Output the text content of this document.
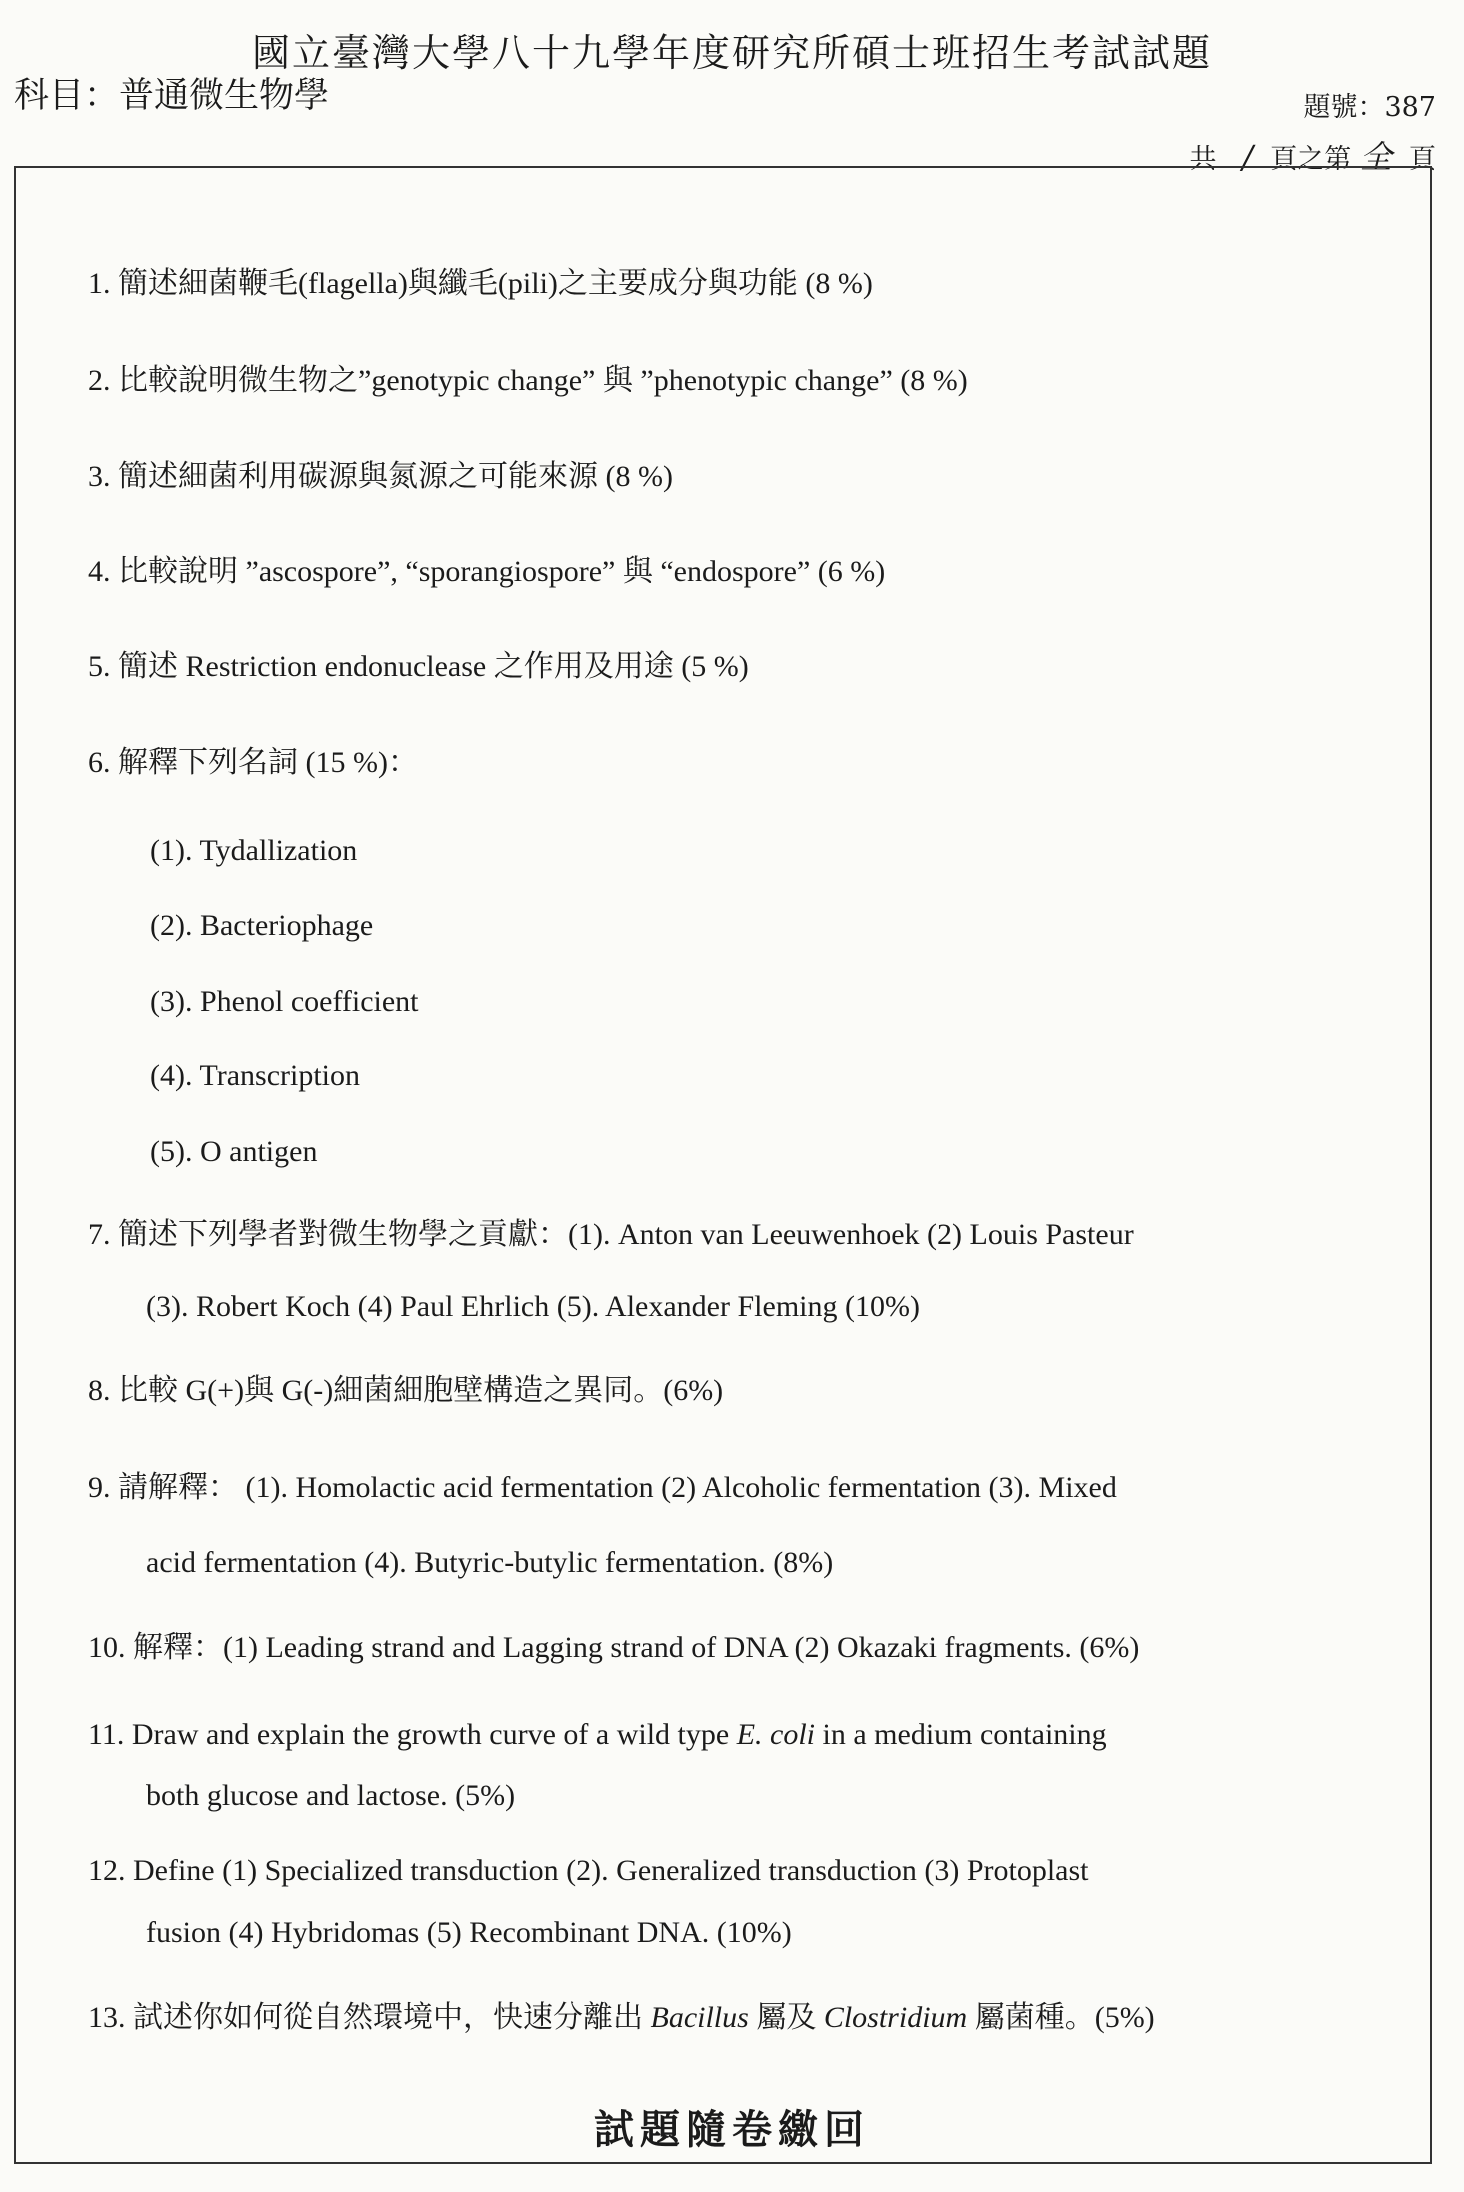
國立臺灣大學八十九學年度研究所碩士班招生考試試題
科目：普通微生物學	題號：387
共 / 頁之第 全 頁
1. 簡述細菌鞭毛(flagella)與纖毛(pili)之主要成分與功能 (8 %)
2. 比較說明微生物之”genotypic change” 與 ”phenotypic change” (8 %)
3. 簡述細菌利用碳源與氮源之可能來源 (8 %)
4. 比較說明 ”ascospore”, “sporangiospore” 與 “endospore” (6 %)
5. 簡述 Restriction endonuclease 之作用及用途 (5 %)
6. 解釋下列名詞 (15 %)：
(1). Tydallization
(2). Bacteriophage
(3). Phenol coefficient
(4). Transcription
(5). O antigen
7. 簡述下列學者對微生物學之貢獻：(1). Anton van Leeuwenhoek (2) Louis Pasteur
(3). Robert Koch (4) Paul Ehrlich (5). Alexander Fleming (10%)
8. 比較 G(+)與 G(-)細菌細胞壁構造之異同。(6%)
9. 請解釋： (1). Homolactic acid fermentation (2) Alcoholic fermentation (3). Mixed
acid fermentation (4). Butyric-butylic fermentation. (8%)
10. 解釋：(1) Leading strand and Lagging strand of DNA (2) Okazaki fragments. (6%)
11. Draw and explain the growth curve of a wild type E. coli in a medium containing
both glucose and lactose. (5%)
12. Define (1) Specialized transduction (2). Generalized transduction (3) Protoplast
fusion (4) Hybridomas (5) Recombinant DNA. (10%)
13. 試述你如何從自然環境中，快速分離出 Bacillus 屬及 Clostridium 屬菌種。(5%)
試題隨卷繳回
